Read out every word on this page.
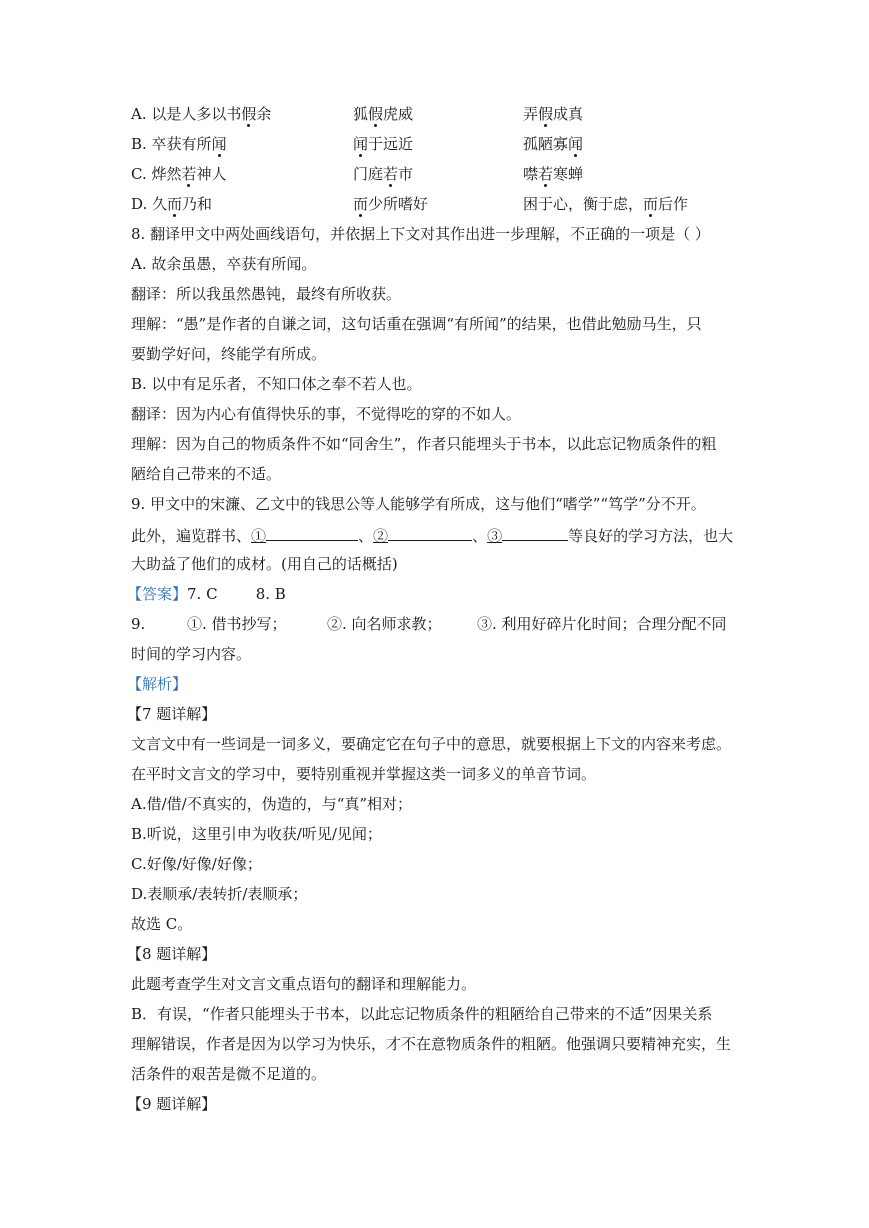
A. 以是人多以书假余	狐假虎威	弄假成真
B. 卒获有所闻	闻于远近	孤陋寡闻
C. 烨然若神人	门庭若市	噤若寒蝉
D. 久而乃和	而少所嗜好	困于心，衡于虑，而后作
8. 翻译甲文中两处画线语句，并依据上下文对其作出进一步理解，不正确的一项是（ ）
A. 故余虽愚，卒获有所闻。
翻译：所以我虽然愚钝，最终有所收获。
理解：“愚”是作者的自谦之词，这句话重在强调“有所闻”的结果，也借此勉励马生，只
要勤学好问，终能学有所成。
B. 以中有足乐者，不知口体之奉不若人也。
翻译：因为内心有值得快乐的事，不觉得吃的穿的不如人。
理解：因为自己的物质条件不如“同舍生”，作者只能埋头于书本，以此忘记物质条件的粗
陋给自己带来的不适。
9. 甲文中的宋濂、乙文中的钱思公等人能够学有所成，这与他们“嗜学”“笃学”分不开。
此外，遍览群书、①	、②	、③	等良好的学习方法，也大
大助益了他们的成材。(用自己的话概括)
【答案】7. C        8. B
9.	①. 借书抄写；	②. 向名师求教； ③. 利用好碎片化时间；合理分配不同
时间的学习内容。
【解析】
【7 题详解】
文言文中有一些词是一词多义，要确定它在句子中的意思，就要根据上下文的内容来考虑。
在平时文言文的学习中，要特别重视并掌握这类一词多义的单音节词。
A.借/借/不真实的，伪造的，与“真”相对；
B.听说，这里引申为收获/听见/见闻；
C.好像/好像/好像；
D.表顺承/表转折/表顺承；
故选 C。
【8 题详解】
此题考查学生对文言文重点语句的翻译和理解能力。
B．有误，“作者只能埋头于书本，以此忘记物质条件的粗陋给自己带来的不适”因果关系
理解错误，作者是因为以学习为快乐，才不在意物质条件的粗陋。他强调只要精神充实，生
活条件的艰苦是微不足道的。
【9 题详解】
